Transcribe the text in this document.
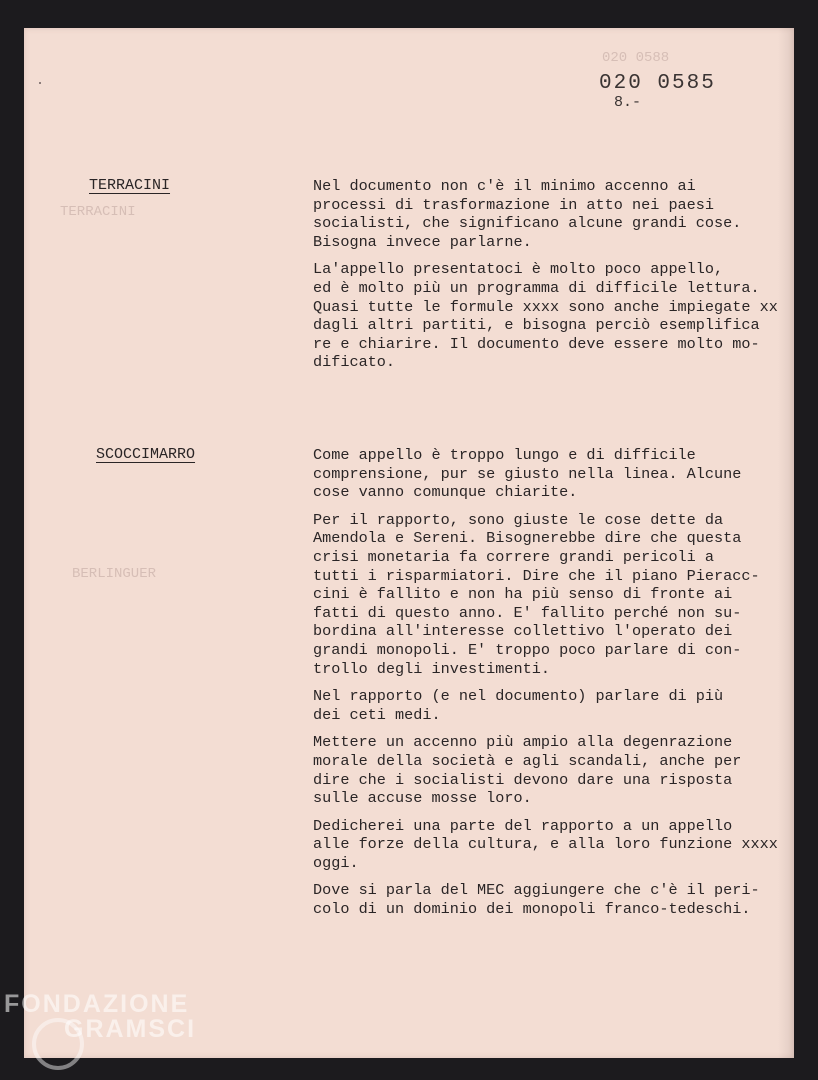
020 0588
TERRACINI
BERLINGUER

020 0585

8.-

TERRACINI	Nel documento non c'è il minimo accenno ai
processi di trasformazione in atto nei paesi
socialisti, che significano alcune grandi cose.
Bisogna invece parlarne.

La'appello presentatoci è molto poco appello,
ed è molto più un programma di difficile lettura.
Quasi tutte le formule xxxx sono anche impiegate xx
dagli altri partiti, e bisogna perciò esemplifica
re e chiarire. Il documento deve essere molto mo-
dificato.

SCOCCIMARRO	Come appello è troppo lungo e di difficile
comprensione, pur se giusto nella linea. Alcune
cose vanno comunque chiarite.

Per il rapporto, sono giuste le cose dette da
Amendola e Sereni. Bisognerebbe dire che questa
crisi monetaria fa correre grandi pericoli a
tutti i risparmiatori. Dire che il piano Pieracc-
cini è fallito e non ha più senso di fronte ai
fatti di questo anno. E' fallito perché non su-
bordina all'interesse collettivo l'operato dei
grandi monopoli. E' troppo poco parlare di con-
trollo degli investimenti.

Nel rapporto (e nel documento) parlare di più
dei ceti medi.

Mettere un accenno più ampio alla degenrazione
morale della società e agli scandali, anche per
dire che i socialisti devono dare una risposta
sulle accuse mosse loro.

Dedicherei una parte del rapporto a un appello
alle forze della cultura, e alla loro funzione xxxx
oggi.

Dove si parla del MEC aggiungere che c'è il peri-
colo di un dominio dei monopoli franco-tedeschi.

FONDAZIONE
GRAMSCI
